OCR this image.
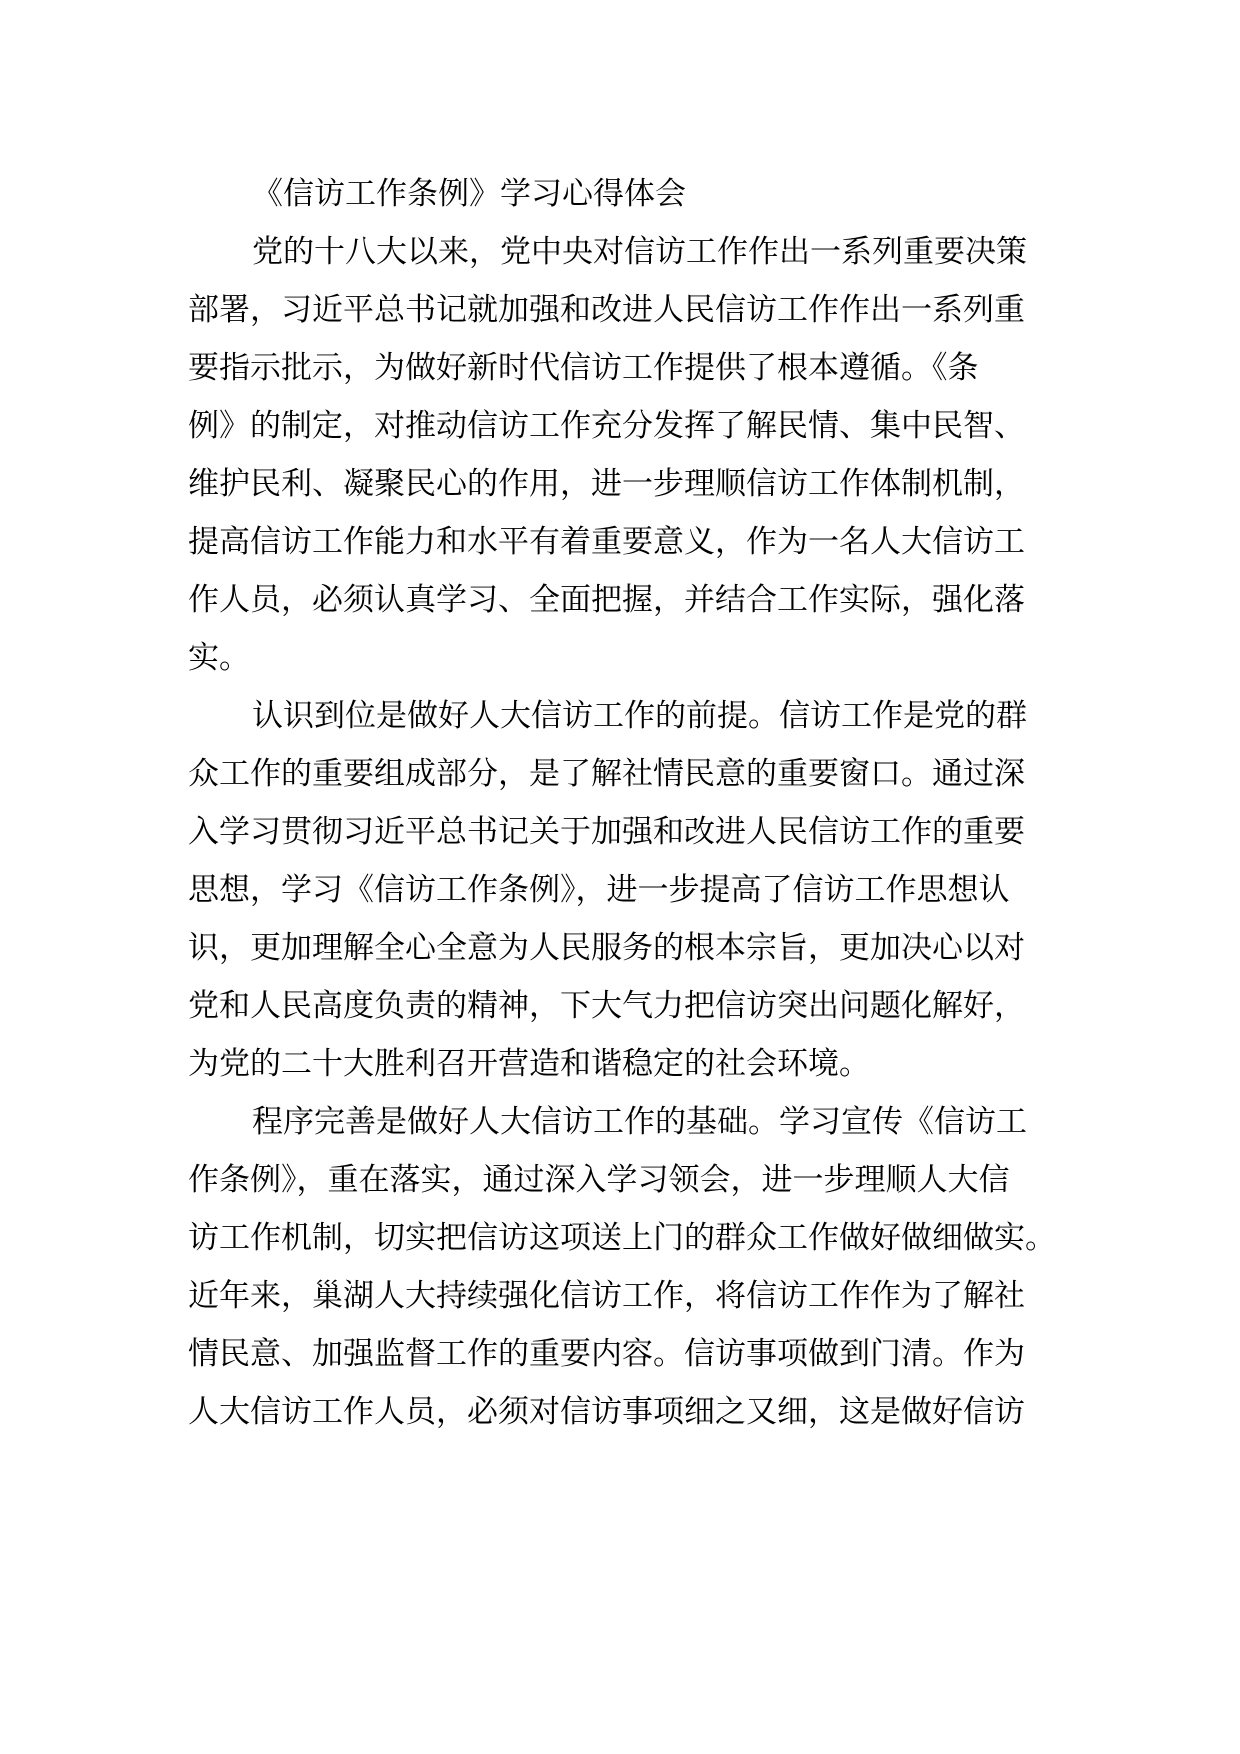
《信访工作条例》学习心得体会
党的十八大以来，党中央对信访工作作出一系列重要决策
部署，习近平总书记就加强和改进人民信访工作作出一系列重
要指示批示，为做好新时代信访工作提供了根本遵循。《条
例》的制定，对推动信访工作充分发挥了解民情、集中民智、
维护民利、凝聚民心的作用，进一步理顺信访工作体制机制，
提高信访工作能力和水平有着重要意义，作为一名人大信访工
作人员，必须认真学习、全面把握，并结合工作实际，强化落
实。
认识到位是做好人大信访工作的前提。信访工作是党的群
众工作的重要组成部分，是了解社情民意的重要窗口。通过深
入学习贯彻习近平总书记关于加强和改进人民信访工作的重要
思想，学习《信访工作条例》，进一步提高了信访工作思想认
识，更加理解全心全意为人民服务的根本宗旨，更加决心以对
党和人民高度负责的精神，下大气力把信访突出问题化解好，
为党的二十大胜利召开营造和谐稳定的社会环境。
程序完善是做好人大信访工作的基础。学习宣传《信访工
作条例》，重在落实，通过深入学习领会，进一步理顺人大信
访工作机制，切实把信访这项送上门的群众工作做好做细做实。
近年来，巢湖人大持续强化信访工作，将信访工作作为了解社
情民意、加强监督工作的重要内容。信访事项做到门清。作为
人大信访工作人员，必须对信访事项细之又细，这是做好信访
